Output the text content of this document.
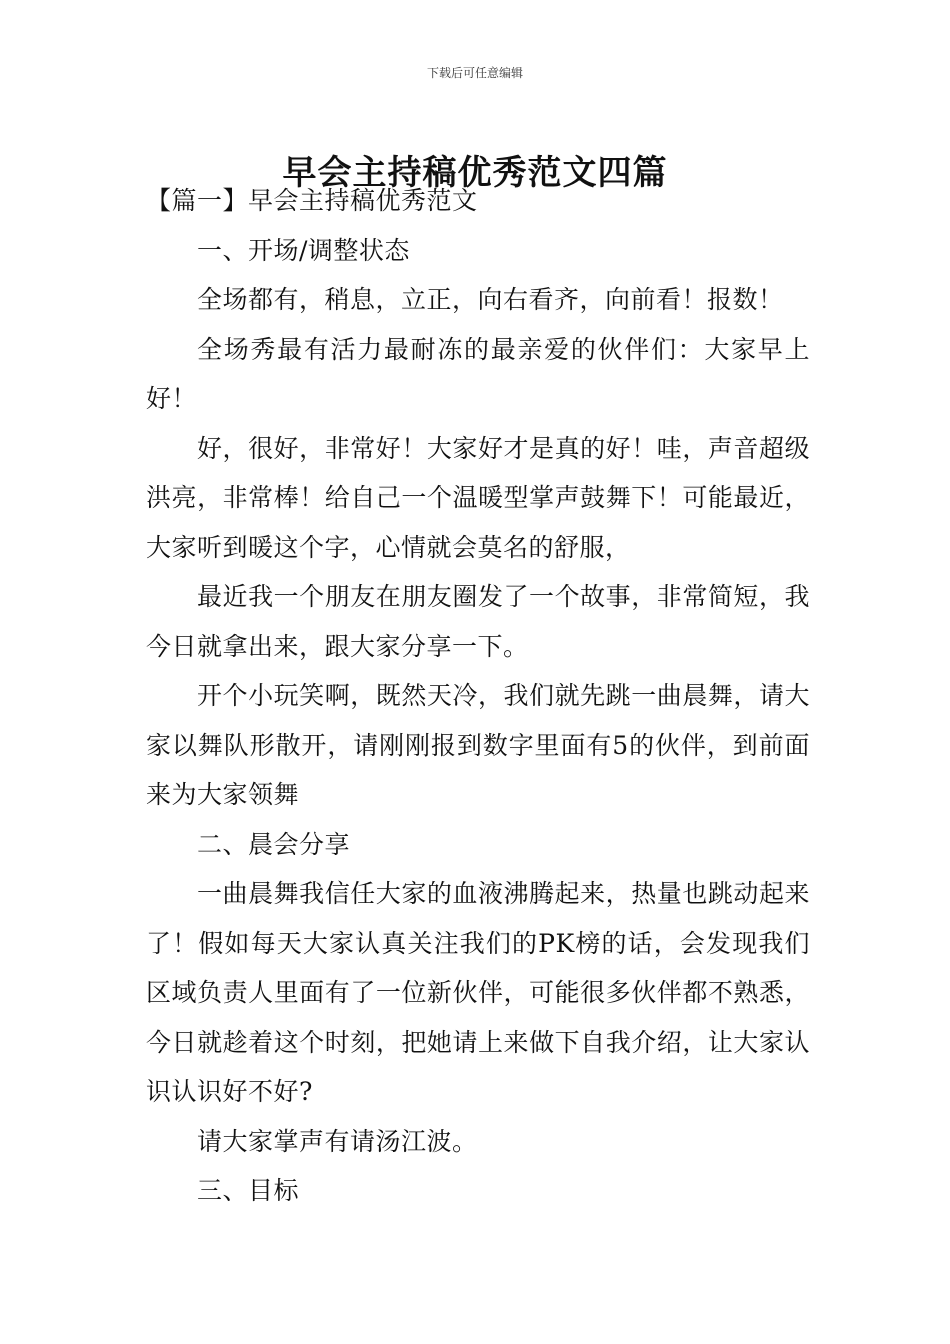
下载后可任意编辑
早会主持稿优秀范文四篇

【篇一】早会主持稿优秀范文

一、开场/调整状态

全场都有，稍息，立正，向右看齐，向前看！报数！

全场秀最有活力最耐冻的最亲爱的伙伴们：大家早上好！

好，很好，非常好！大家好才是真的好！哇，声音超级洪亮，非常棒！给自己一个温暖型掌声鼓舞下！可能最近，大家听到暖这个字，心情就会莫名的舒服，

最近我一个朋友在朋友圈发了一个故事，非常简短，我今日就拿出来，跟大家分享一下。

开个小玩笑啊，既然天冷，我们就先跳一曲晨舞，请大家以舞队形散开，请刚刚报到数字里面有5的伙伴，到前面来为大家领舞

二、晨会分享

一曲晨舞我信任大家的血液沸腾起来，热量也跳动起来了！假如每天大家认真关注我们的PK榜的话，会发现我们区域负责人里面有了一位新伙伴，可能很多伙伴都不熟悉，今日就趁着这个时刻，把她请上来做下自我介绍，让大家认识认识好不好?

请大家掌声有请汤江波。

三、目标
